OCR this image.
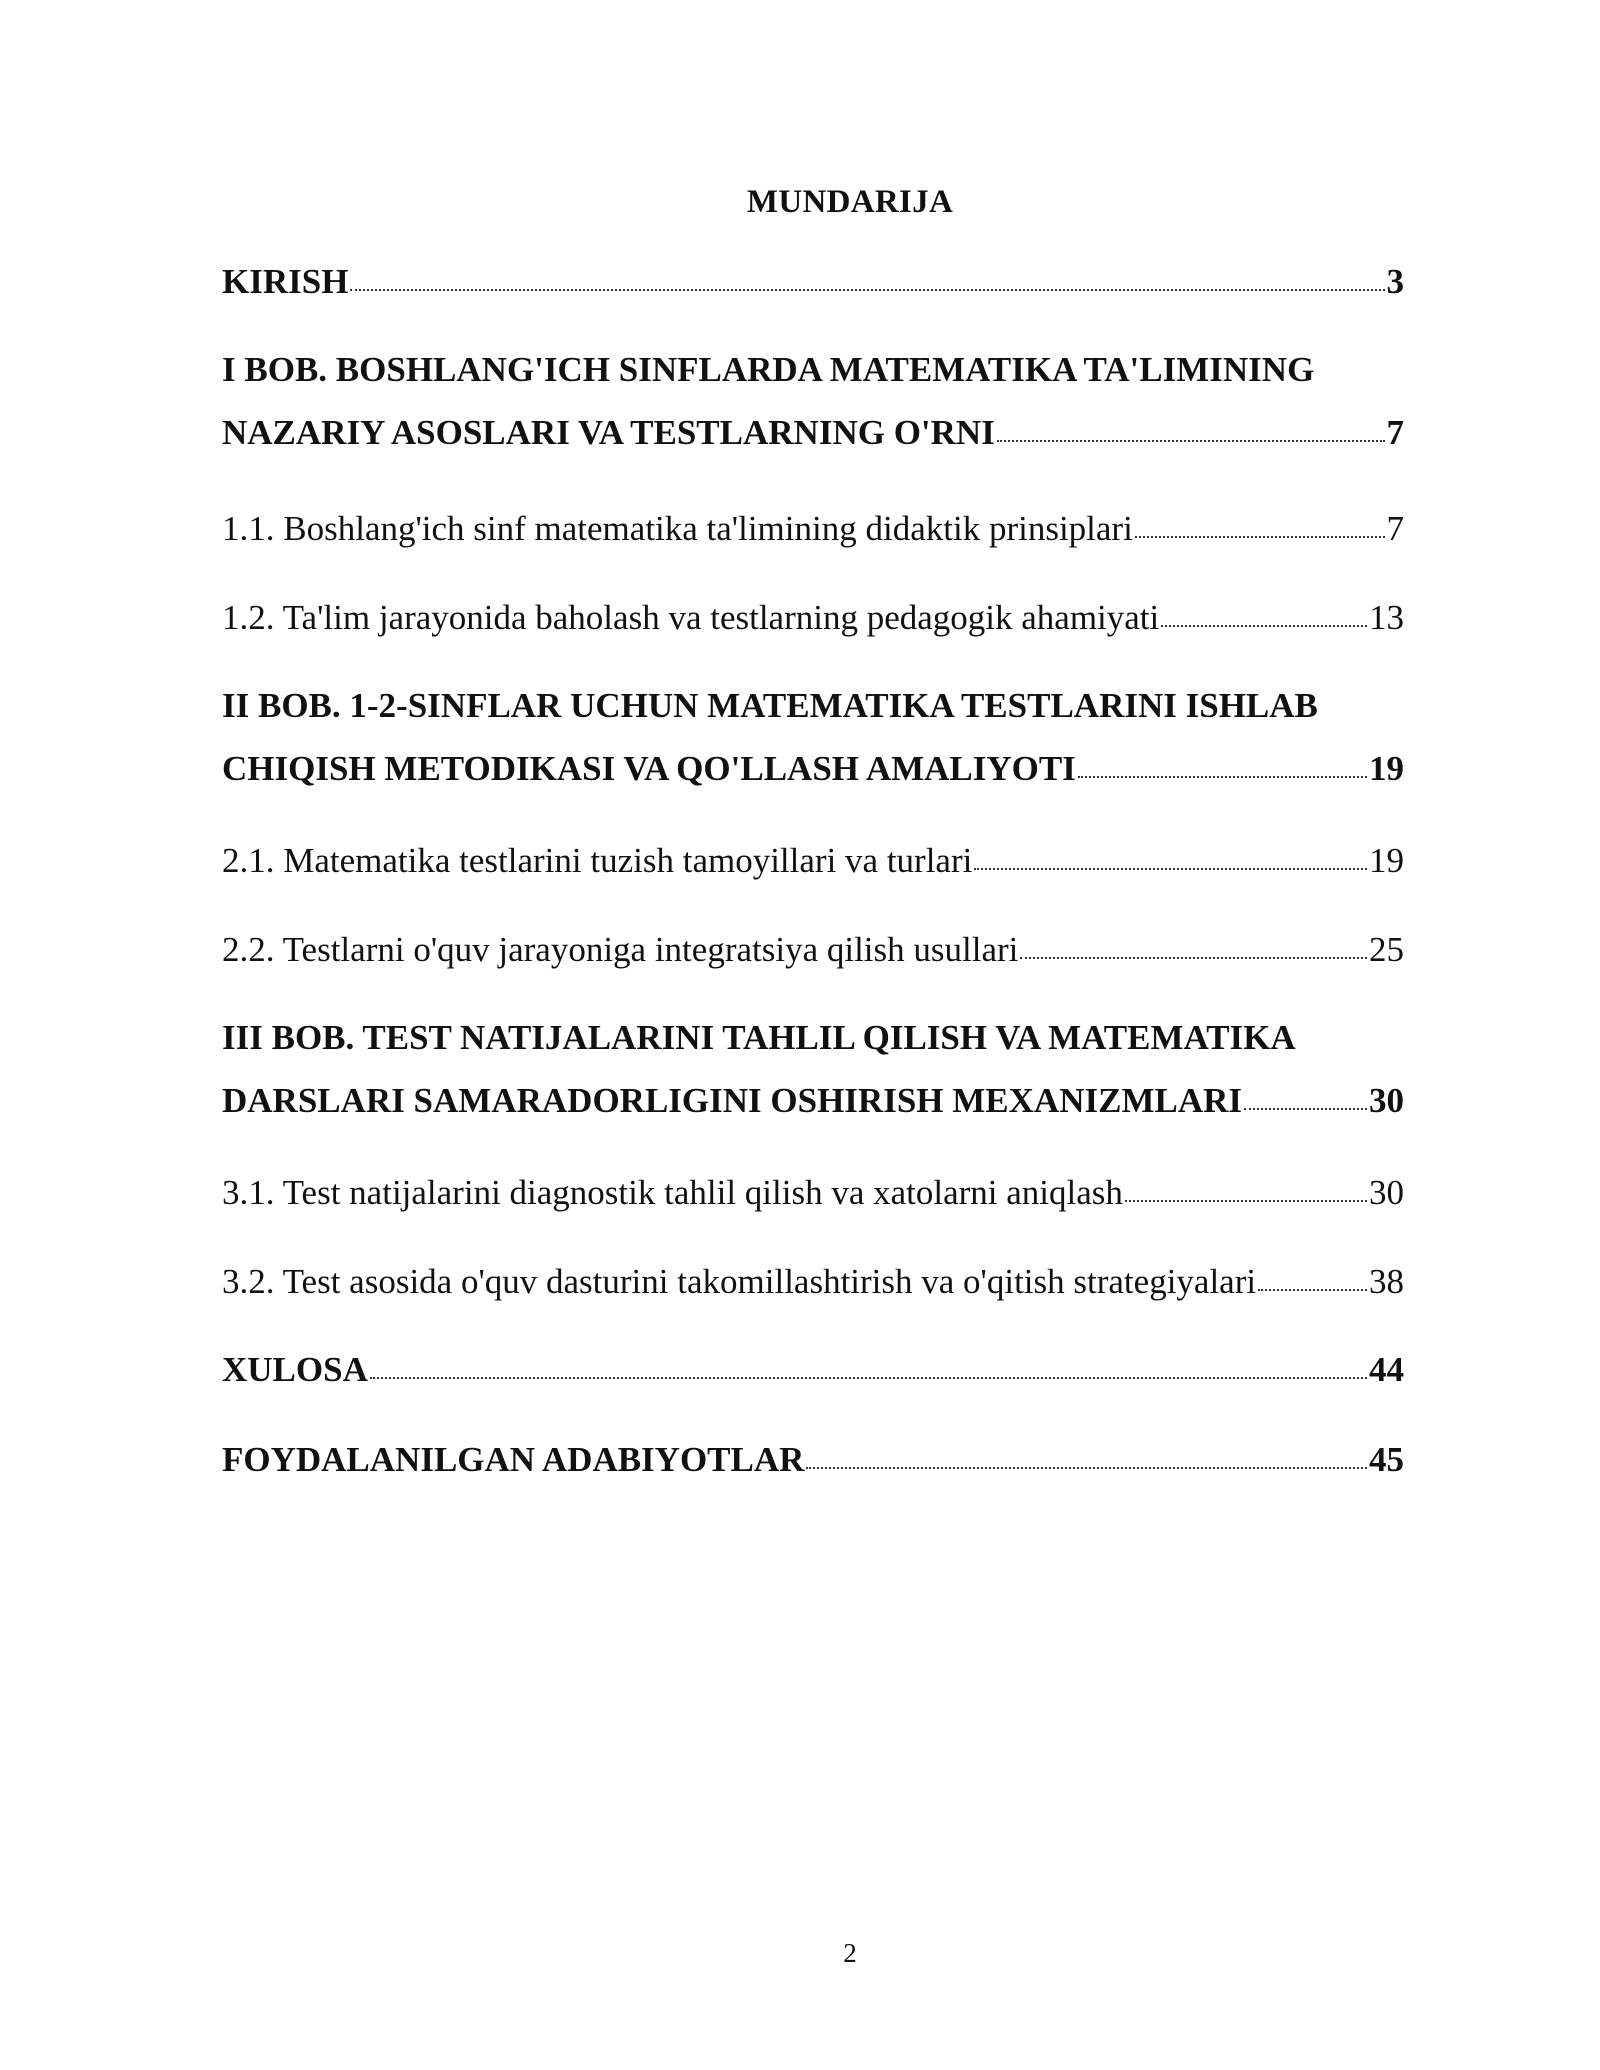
MUNDARIJA
KIRISH	3
I BOB. BOSHLANG'ICH SINFLARDA MATEMATIKA TA'LIMINING
NAZARIY ASOSLARI VA TESTLARNING O'RNI	7
1.1. Boshlang'ich sinf matematika ta'limining didaktik prinsiplari	7
1.2. Ta'lim jarayonida baholash va testlarning pedagogik ahamiyati	13
II BOB. 1-2-SINFLAR UCHUN MATEMATIKA TESTLARINI ISHLAB
CHIQISH METODIKASI VA QO'LLASH AMALIYOTI	19
2.1. Matematika testlarini tuzish tamoyillari va turlari	19
2.2. Testlarni o'quv jarayoniga integratsiya qilish usullari	25
III BOB. TEST NATIJALARINI TAHLIL QILISH VA MATEMATIKA
DARSLARI SAMARADORLIGINI OSHIRISH MEXANIZMLARI	30
3.1. Test natijalarini diagnostik tahlil qilish va xatolarni aniqlash	30
3.2. Test asosida o'quv dasturini takomillashtirish va o'qitish strategiyalari	38
XULOSA	44
FOYDALANILGAN ADABIYOTLAR	45
2
